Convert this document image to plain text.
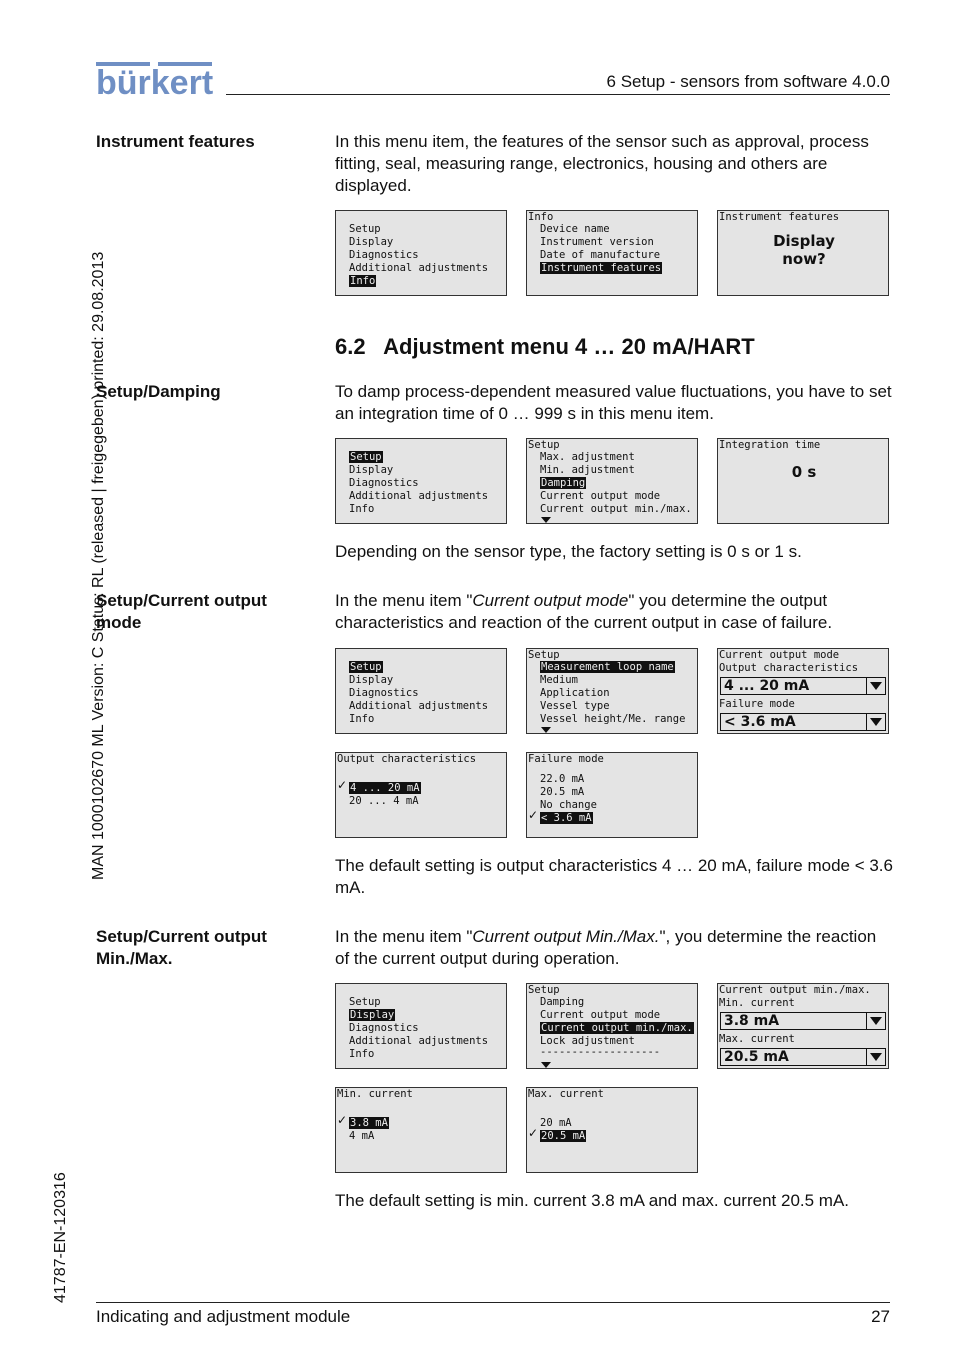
bürkert	6 Setup - sensors from software 4.0.0
MAN 1000102670 ML Version: C Status: RL (released | freigegeben) printed: 29.08.2013
41787-EN-120316
Instrument features	In this menu item, the features of the sensor such as approval, process fitting, seal, measuring range, electronics, housing and others are displayed.
Setup
Display
Diagnostics
Additional adjustments
Info
Info
Device name
Instrument version
Date of manufacture
Instrument features
Instrument features
Display
now?
6.2 Adjustment menu 4 … 20 mA/HART
Setup/Damping	To damp process-dependent measured value fluctuations, you have to set an integration time of 0 … 999 s in this menu item.
Setup
Display
Diagnostics
Additional adjustments
Info
Setup
Max. adjustment
Min. adjustment
Damping
Current output mode
Current output min./max.
Integration time
0 s
Depending on the sensor type, the factory setting is 0 s or 1 s.
Setup/Current output mode
In the menu item "Current output mode" you determine the output characteristics and reaction of the current output in case of failure.
Setup
Display
Diagnostics
Additional adjustments
Info
Setup
Measurement loop name
Medium
Application
Vessel type
Vessel height/Me. range
Current output mode
Output characteristics
4 ... 20 mA
Failure mode
< 3.6 mA
Output characteristics
✓ 4 ... 20 mA
20 ... 4 mA
Failure mode
22.0 mA
20.5 mA
No change
✓ < 3.6 mA
The default setting is output characteristics 4 … 20 mA, failure mode < 3.6 mA.
Setup/Current output Min./Max.
In the menu item "Current output Min./Max.", you determine the reaction of the current output during operation.
Setup
Display
Diagnostics
Additional adjustments
Info
Setup
Damping
Current output mode
Current output min./max.
Lock adjustment
-------------------
Current output min./max.
Min. current
3.8 mA
Max. current
20.5 mA
Min. current
✓ 3.8 mA
4 mA
Max. current
20 mA
✓ 20.5 mA
The default setting is min. current 3.8 mA and max. current 20.5 mA.
Indicating and adjustment module	27
